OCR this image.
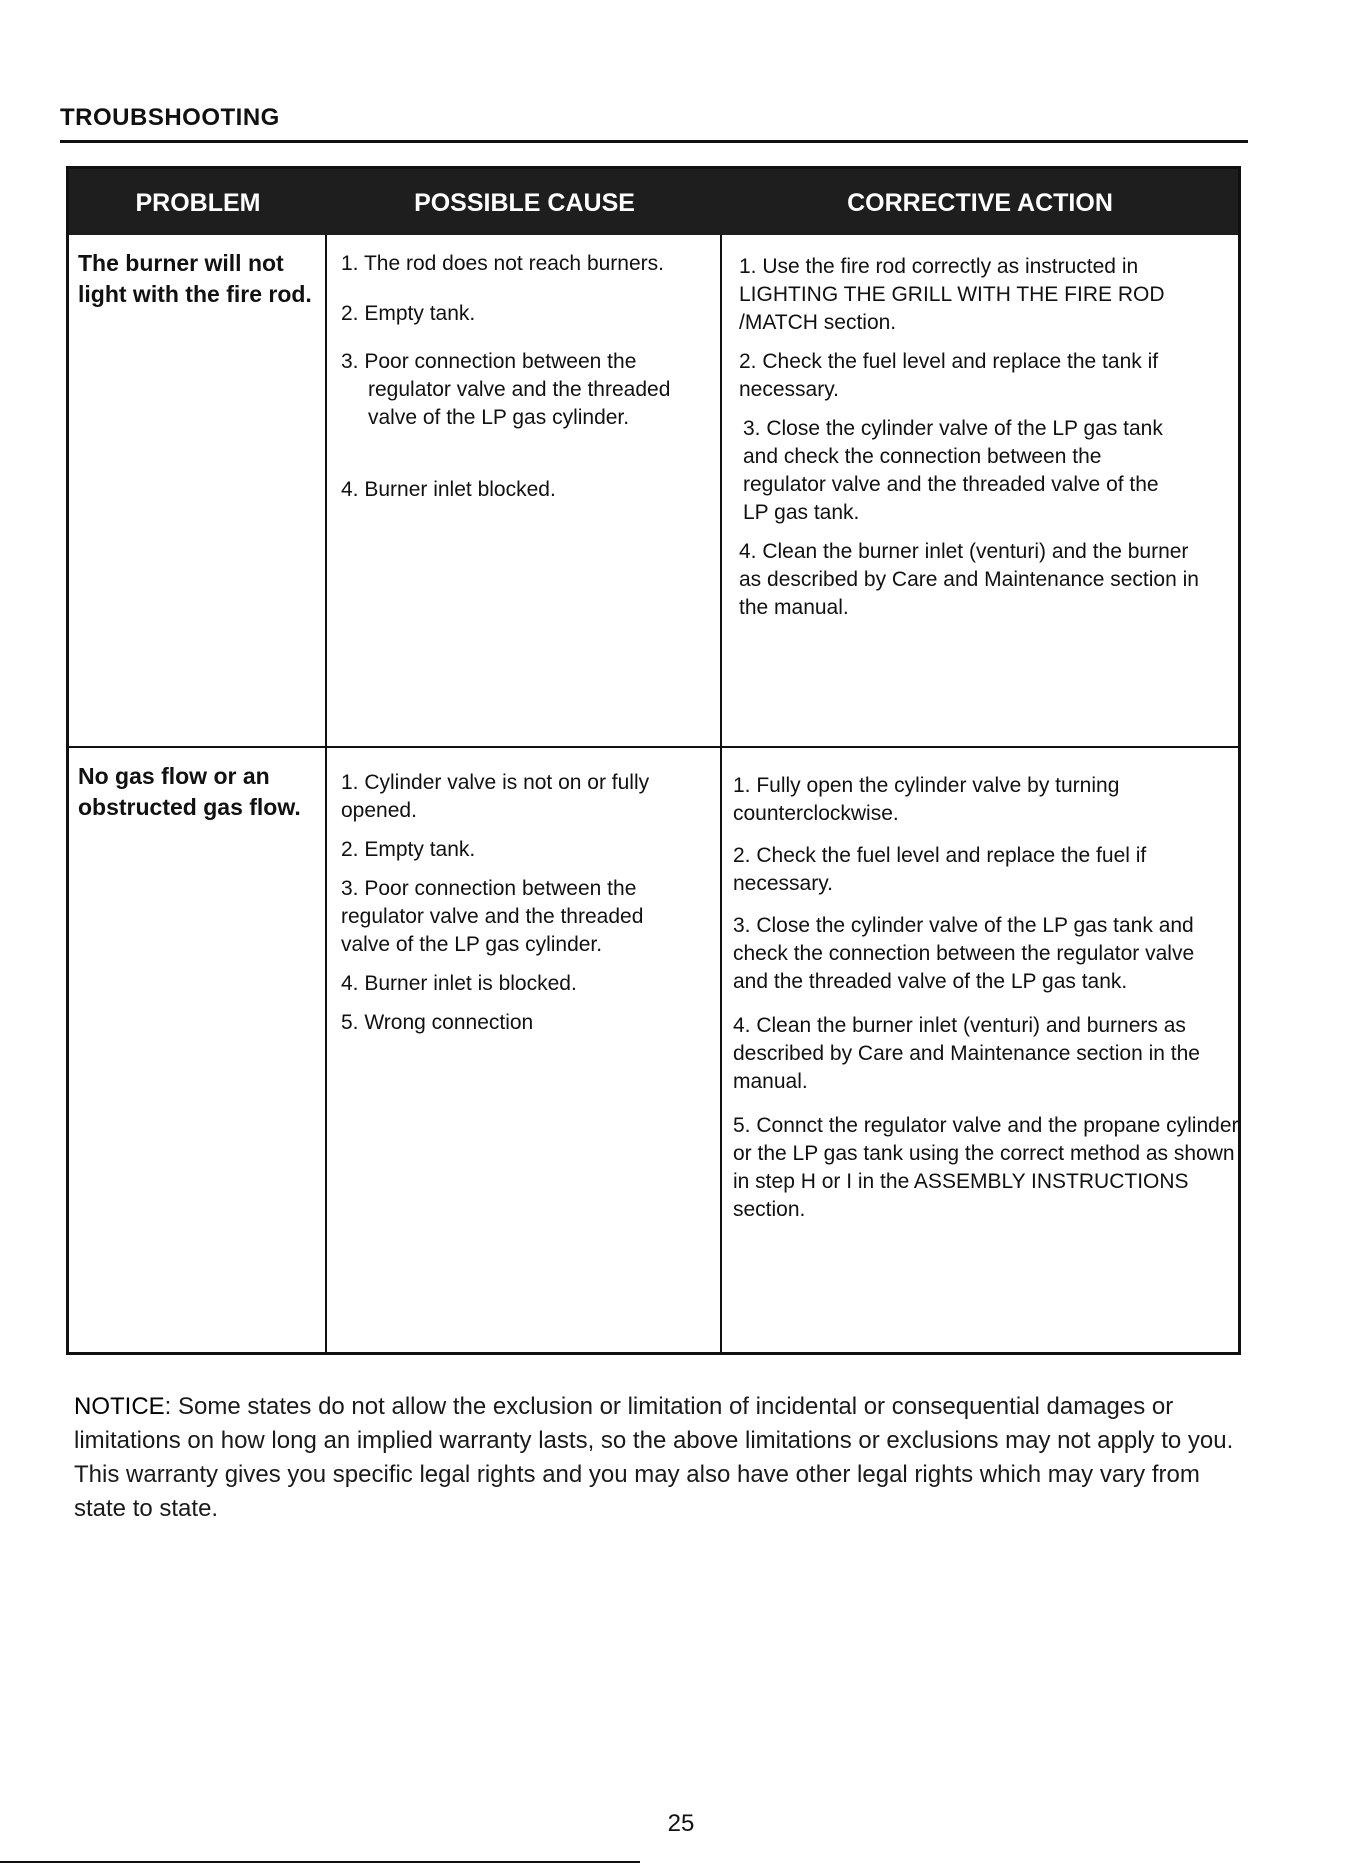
TROUBSHOOTING
PROBLEM	POSSIBLE CAUSE	CORRECTIVE ACTION
The burner will not light with the fire rod.

1. The rod does not reach burners.

2. Empty tank.

3. Poor connection between the regulator valve and the threaded valve of the LP gas cylinder.

4. Burner inlet blocked.

1. Use the fire rod correctly as instructed in LIGHTING THE GRILL WITH THE FIRE ROD /MATCH section.

2. Check the fuel level and replace the tank if necessary.

3. Close the cylinder valve of the LP gas tank and check the connection between the regulator valve and the threaded valve of the LP gas tank.

4. Clean the burner inlet (venturi) and the burner as described by Care and Maintenance section in the manual.

No gas flow or an obstructed gas flow.

1. Cylinder valve is not on or fully opened.

2. Empty tank.

3. Poor connection between the regulator valve and the threaded valve of the LP gas cylinder.

4. Burner inlet is blocked.

5. Wrong connection

1. Fully open the cylinder valve by turning counterclockwise.

2. Check the fuel level and replace the fuel if necessary.

3. Close the cylinder valve of the LP gas tank and check the connection between the regulator valve and the threaded valve of the LP gas tank.

4. Clean the burner inlet (venturi) and burners as described by Care and Maintenance section in the manual.

5. Connct the regulator valve and the propane cylinder or the LP gas tank using the correct method as shown in step H or I in the ASSEMBLY INSTRUCTIONS section.

NOTICE: Some states do not allow the exclusion or limitation of incidental or consequential damages or limitations on how long an implied warranty lasts, so the above limitations or exclusions may not apply to you. This warranty gives you specific legal rights and you may also have other legal rights which may vary from state to state.
25
